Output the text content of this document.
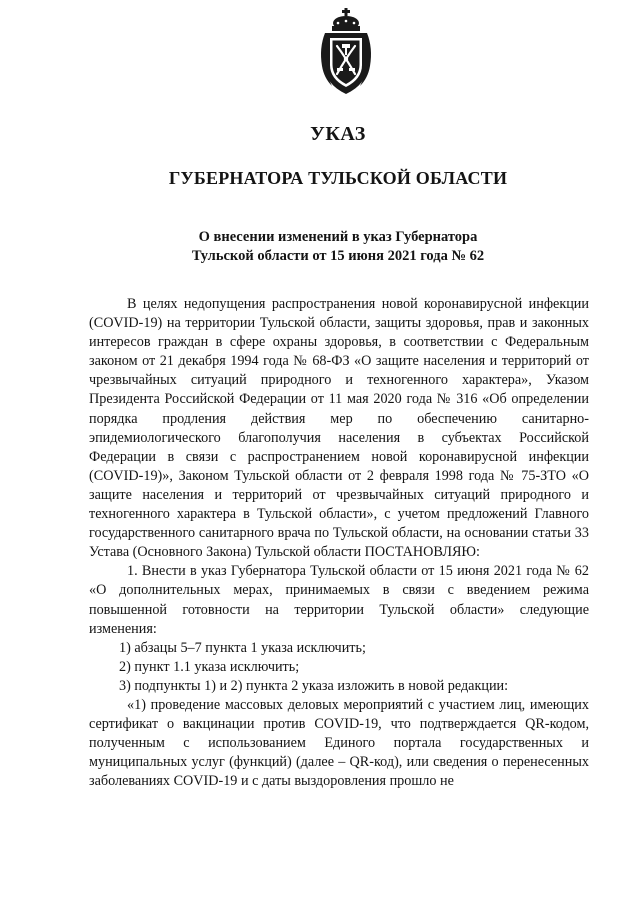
УКАЗ
ГУБЕРНАТОРА ТУЛЬСКОЙ ОБЛАСТИ
О внесении изменений в указ Губернатора
Тульской области от 15 июня 2021 года № 62

В целях недопущения распространения новой коронавирусной инфекции (COVID-19) на территории Тульской области, защиты здоровья, прав и законных интересов граждан в сфере охраны здоровья, в соответствии с Федеральным законом от 21 декабря 1994 года № 68-ФЗ «О защите населения и территорий от чрезвычайных ситуаций природного и техногенного характера», Указом Президента Российской Федерации от 11 мая 2020 года № 316 «Об определении порядка продления действия мер по обеспечению санитарно-эпидемиологического благополучия населения в субъектах Российской Федерации в связи с распространением новой коронавирусной инфекции (COVID-19)», Законом Тульской области от 2 февраля 1998 года № 75-ЗТО «О защите населения и территорий от чрезвычайных ситуаций природного и техногенного характера в Тульской области», с учетом предложений Главного государственного санитарного врача по Тульской области, на основании статьи 33 Устава (Основного Закона) Тульской области ПОСТАНОВЛЯЮ:

1. Внести в указ Губернатора Тульской области от 15 июня 2021 года № 62 «О дополнительных мерах, принимаемых в связи с введением режима повышенной готовности на территории Тульской области» следующие изменения:

1) абзацы 5–7 пункта 1 указа исключить;

2) пункт 1.1 указа исключить;

3) подпункты 1) и 2) пункта 2 указа изложить в новой редакции:

«1) проведение массовых деловых мероприятий с участием лиц, имеющих сертификат о вакцинации против COVID-19, что подтверждается QR-кодом, полученным с использованием Единого портала государственных и муниципальных услуг (функций) (далее – QR-код), или сведения о перенесенных заболеваниях COVID-19 и с даты выздоровления прошло не
